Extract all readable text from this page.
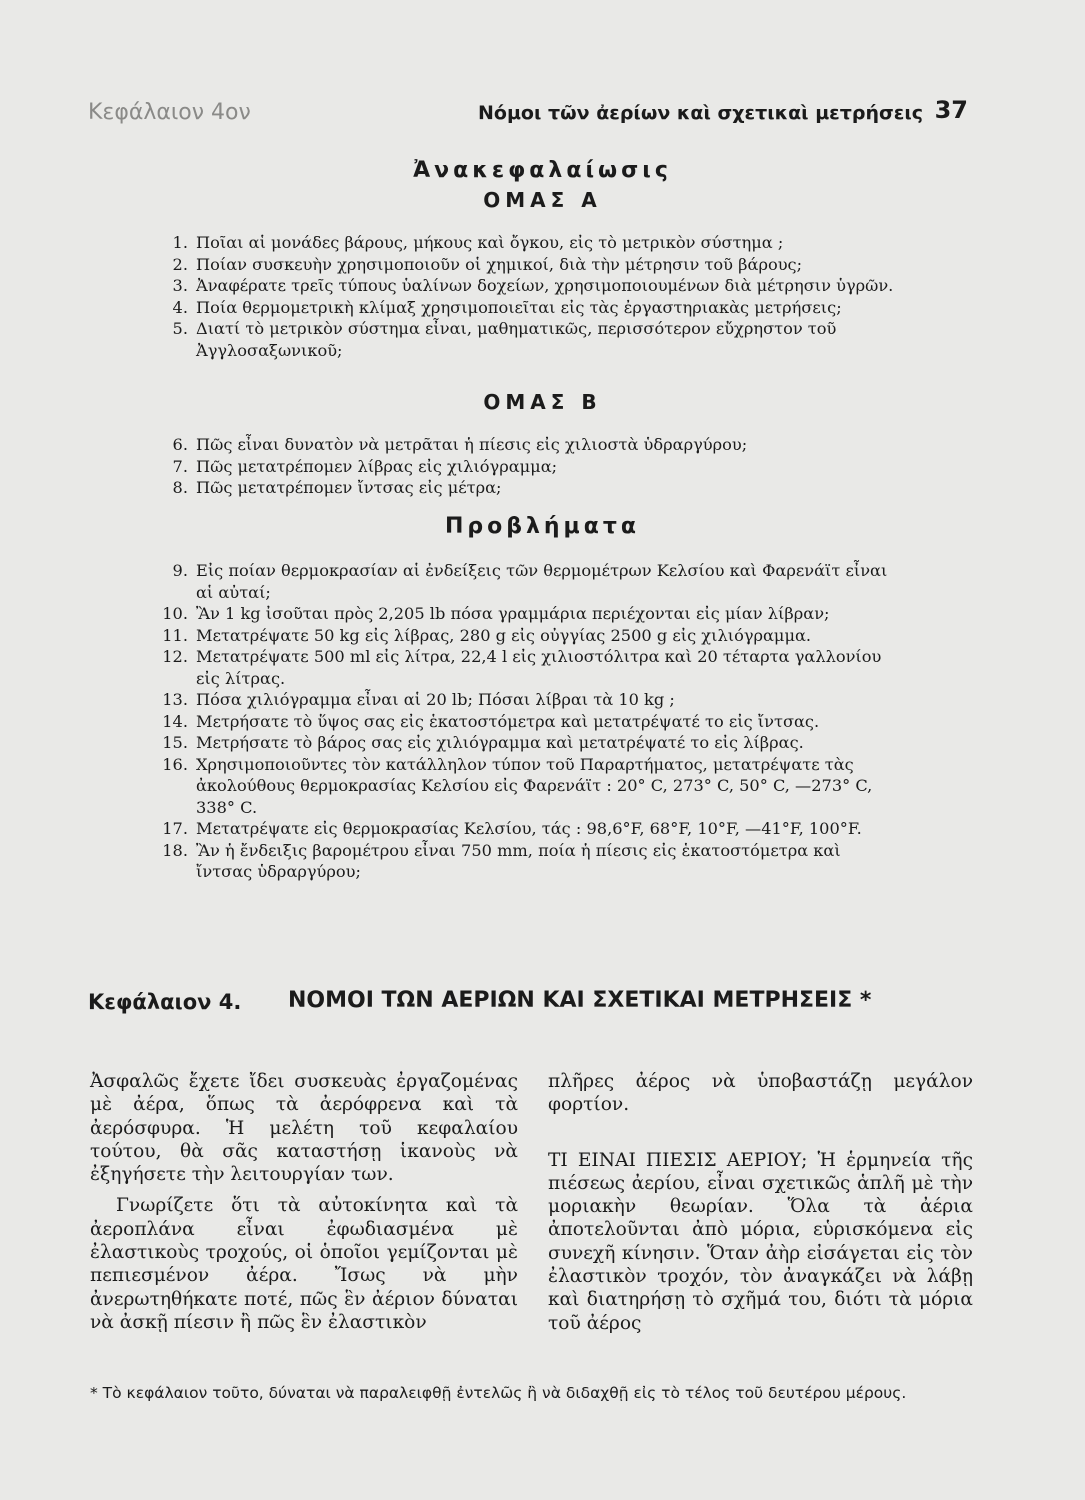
Κεφάλαιον 4ον	Νόμοι τῶν ἀερίων καὶ σχετικαὶ μετρήσεις 37
Ἀνακεφαλαίωσις
ΟΜΑΣ Α
1. Ποῖαι αἱ μονάδες βάρους, μήκους καὶ ὄγκου, εἰς τὸ μετρικὸν σύστημα ;
2. Ποίαν συσκευὴν χρησιμοποιοῦν οἱ χημικοί, διὰ τὴν μέτρησιν τοῦ βάρους;
3. Ἀναφέρατε τρεῖς τύπους ὑαλίνων δοχείων, χρησιμοποιουμένων διὰ μέτρησιν ὑγρῶν.
4. Ποία θερμομετρικὴ κλίμαξ χρησιμοποιεῖται εἰς τὰς ἐργαστηριακὰς μετρήσεις;
5. Διατί τὸ μετρικὸν σύστημα εἶναι, μαθηματικῶς, περισσότερον εὔχρηστον τοῦ Ἀγγλοσαξωνικοῦ;
ΟΜΑΣ Β
6. Πῶς εἶναι δυνατὸν νὰ μετρᾶται ἡ πίεσις εἰς χιλιοστὰ ὑδραργύρου;
7. Πῶς μετατρέπομεν λίβρας εἰς χιλιόγραμμα;
8. Πῶς μετατρέπομεν ἴντσας εἰς μέτρα;
Προβλήματα
9. Εἰς ποίαν θερμοκρασίαν αἱ ἐνδείξεις τῶν θερμομέτρων Κελσίου καὶ Φαρενάϊτ εἶναι αἱ αὐταί;
10. Ἂν 1 kg ἰσοῦται πρὸς 2,205 lb πόσα γραμμάρια περιέχονται εἰς μίαν λίβραν;
11. Μετατρέψατε 50 kg εἰς λίβρας, 280 g εἰς οὐγγίας 2500 g εἰς χιλιόγραμμα.
12. Μετατρέψατε 500 ml εἰς λίτρα, 22,4 l εἰς χιλιοστόλιτρα καὶ 20 τέταρτα γαλλονίου εἰς λίτρας.
13. Πόσα χιλιόγραμμα εἶναι αἱ 20 lb; Πόσαι λίβραι τὰ 10 kg ;
14. Μετρήσατε τὸ ὕψος σας εἰς ἑκατοστόμετρα καὶ μετατρέψατέ το εἰς ἴντσας.
15. Μετρήσατε τὸ βάρος σας εἰς χιλιόγραμμα καὶ μετατρέψατέ το εἰς λίβρας.
16. Χρησιμοποιοῦντες τὸν κατάλληλον τύπον τοῦ Παραρτήματος, μετατρέψατε τὰς ἀκολούθους θερμοκρασίας Κελσίου εἰς Φαρενάϊτ : 20° C, 273° C, 50° C, —273° C, 338° C.
17. Μετατρέψατε εἰς θερμοκρασίας Κελσίου, τάς : 98,6°F, 68°F, 10°F, —41°F, 100°F.
18. Ἂν ἡ ἔνδειξις βαρομέτρου εἶναι 750 mm, ποία ἡ πίεσις εἰς ἑκατοστόμετρα καὶ ἴντσας ὑδραργύρου;
Κεφάλαιον 4. ΝΟΜΟΙ ΤΩΝ ΑΕΡΙΩΝ ΚΑΙ ΣΧΕΤΙΚΑΙ ΜΕΤΡΗΣΕΙΣ *

Ἀσφαλῶς ἔχετε ἴδει συσκευὰς ἐργαζομένας μὲ ἀέρα, ὅπως τὰ ἀερόφρενα καὶ τὰ ἀερόσφυρα. Ἡ μελέτη τοῦ κεφαλαίου τούτου, θὰ σᾶς καταστήσῃ ἱκανοὺς νὰ ἐξηγήσετε τὴν λειτουργίαν των.

Γνωρίζετε ὅτι τὰ αὐτοκίνητα καὶ τὰ ἀεροπλάνα εἶναι ἐφωδιασμένα μὲ ἐλαστικοὺς τροχούς, οἱ ὁποῖοι γεμίζονται μὲ πεπιεσμένον ἀέρα. Ἴσως νὰ μὴν ἀνερωτηθήκατε ποτέ, πῶς ἓν ἀέριον δύναται νὰ ἀσκῇ πίεσιν ἢ πῶς ἓν ἐλαστικὸν

πλῆρες ἀέρος νὰ ὑποβαστάζῃ μεγάλον φορτίον.

ΤΙ ΕΙΝΑΙ ΠΙΕΣΙΣ ΑΕΡΙΟΥ; Ἡ ἑρμηνεία τῆς πιέσεως ἀερίου, εἶναι σχετικῶς ἁπλῆ μὲ τὴν μοριακὴν θεωρίαν. Ὅλα τὰ ἀέρια ἀποτελοῦνται ἀπὸ μόρια, εὑρισκόμενα εἰς συνεχῆ κίνησιν. Ὅταν ἀὴρ εἰσάγεται εἰς τὸν ἐλαστικὸν τροχόν, τὸν ἀναγκάζει νὰ λάβῃ καὶ διατηρήσῃ τὸ σχῆμά του, διότι τὰ μόρια τοῦ ἀέρος

* Τὸ κεφάλαιον τοῦτο, δύναται νὰ παραλειφθῇ ἐντελῶς ἢ νὰ διδαχθῇ εἰς τὸ τέλος τοῦ δευτέρου μέρους.
